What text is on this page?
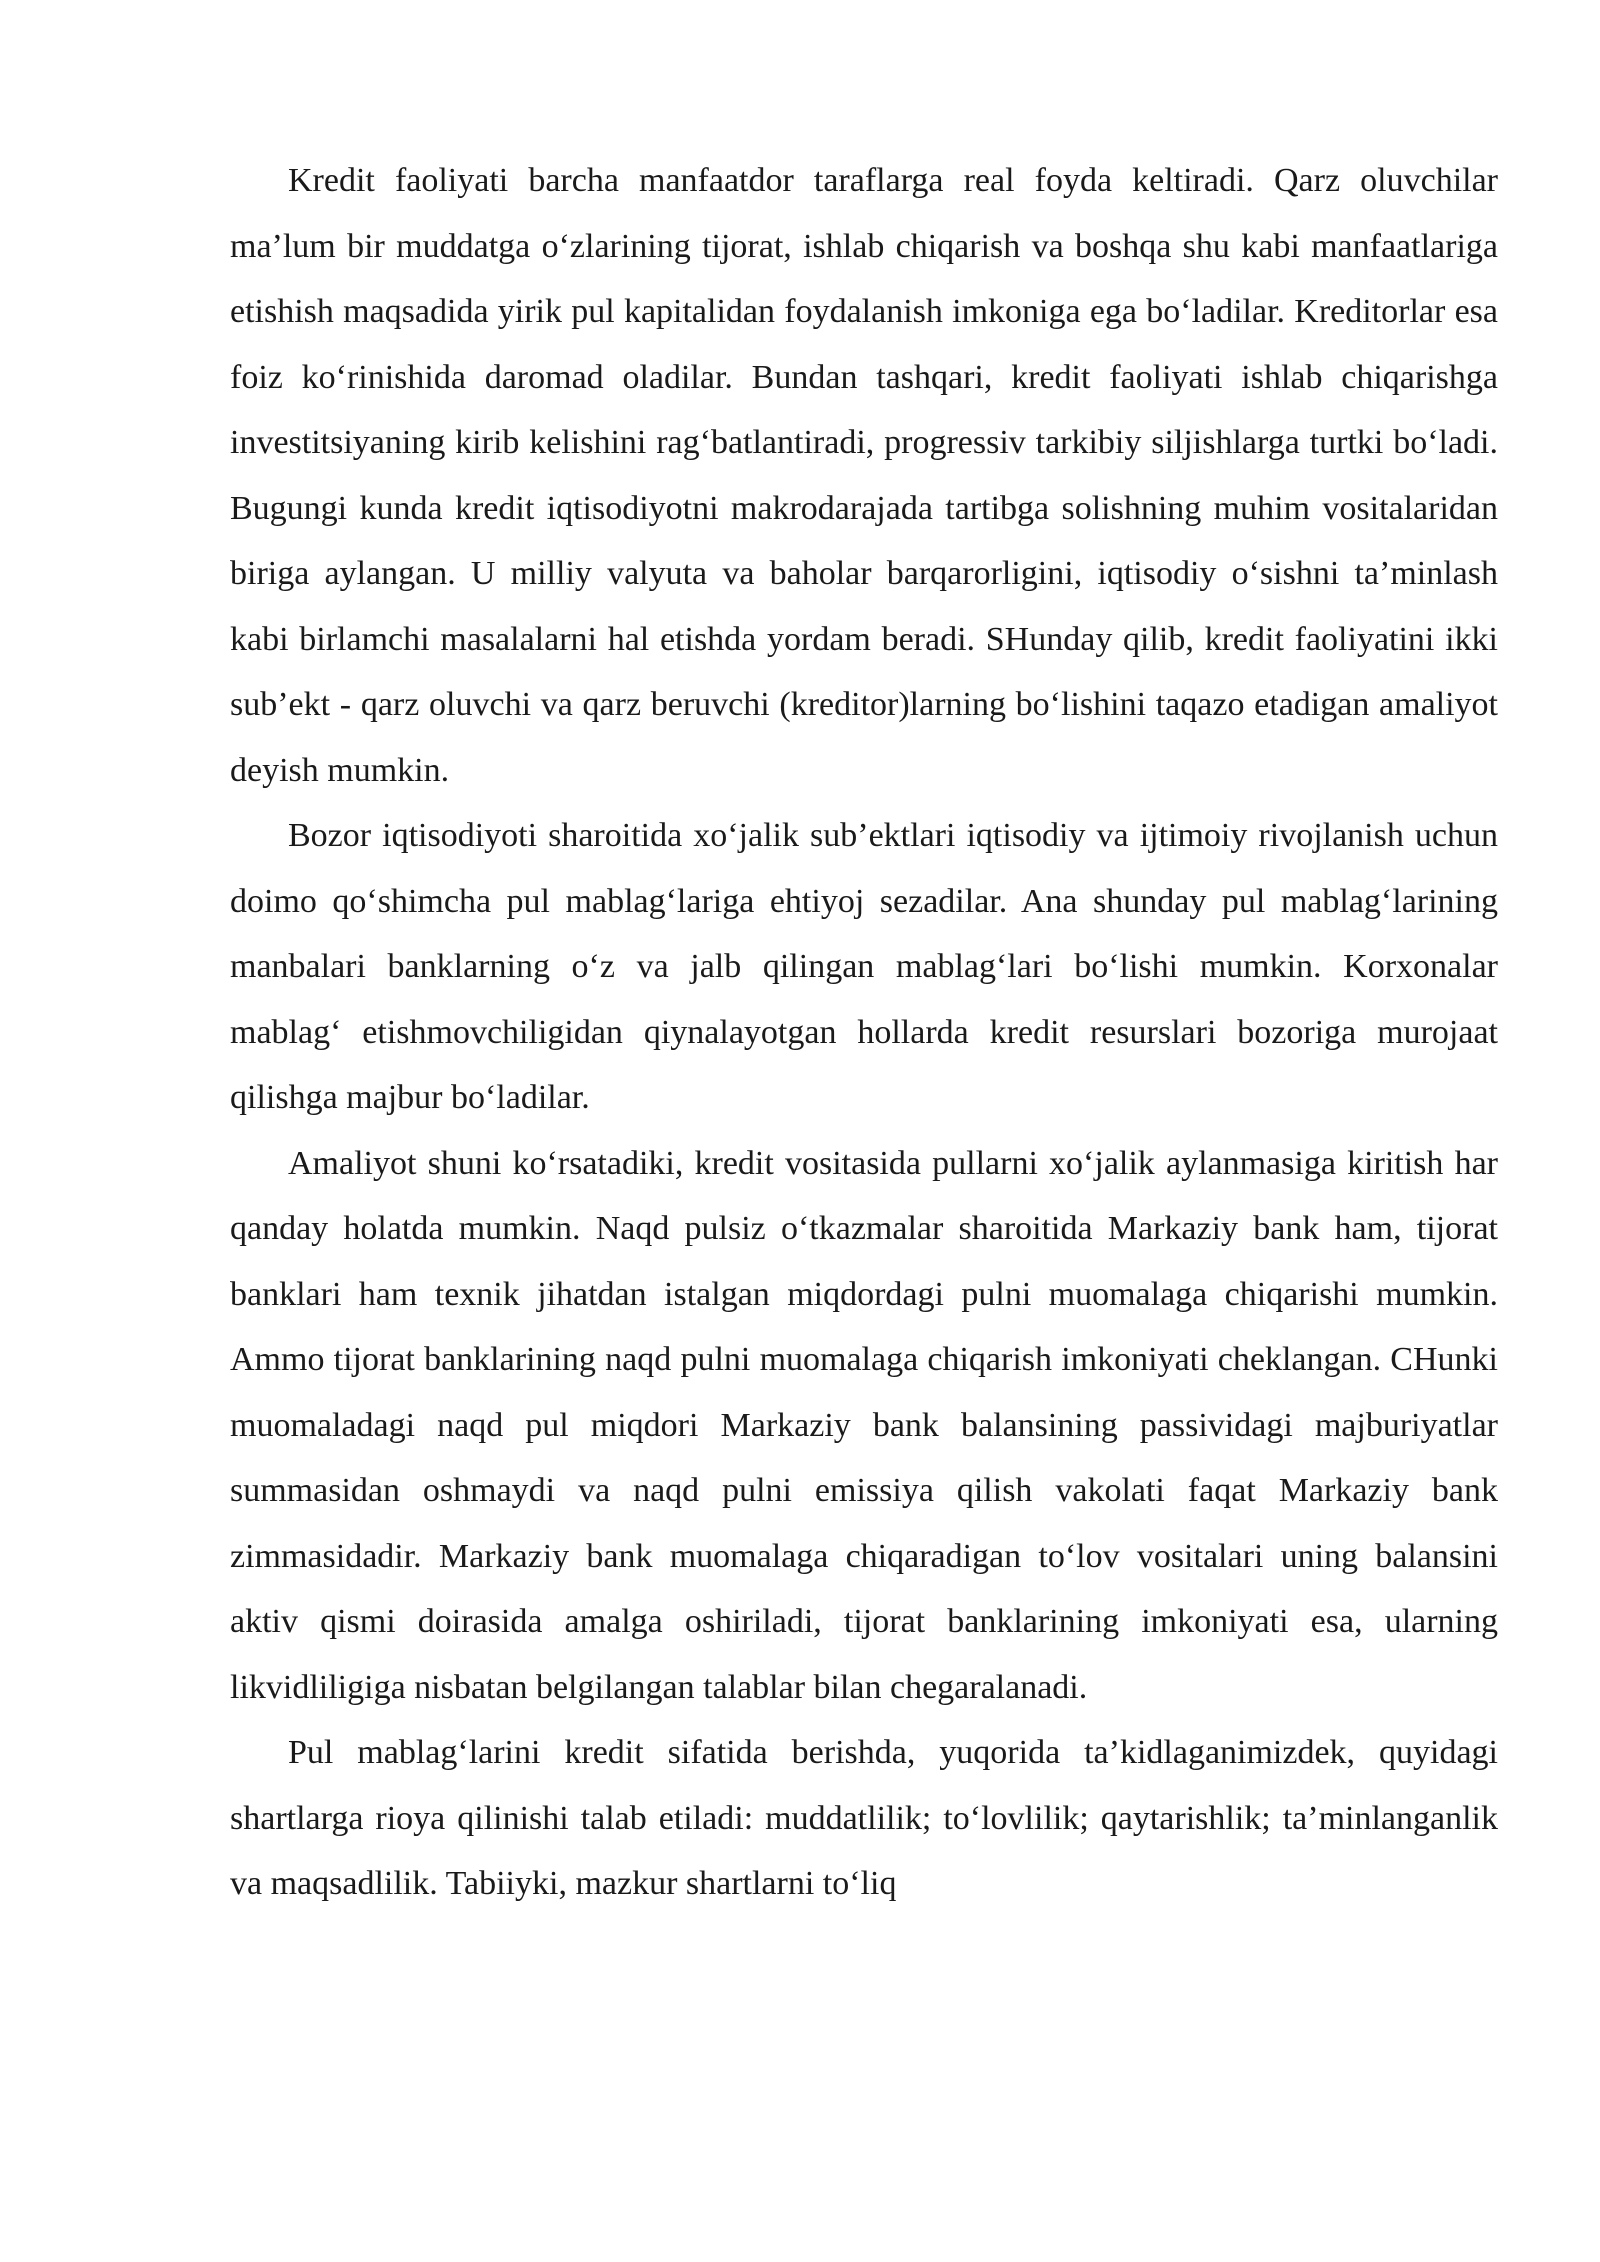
Kredit faoliyati barcha manfaatdor taraflarga real foyda keltiradi. Qarz oluvchilar ma’lum bir muddatga o‘zlarining tijorat, ishlab chiqarish va boshqa shu kabi manfaatlariga etishish maqsadida yirik pul kapitalidan foydalanish imkoniga ega bo‘ladilar. Kreditorlar esa foiz ko‘rinishida daromad oladilar. Bundan tashqari, kredit faoliyati ishlab chiqarishga investitsiyaning kirib kelishini rag‘batlantiradi, progressiv tarkibiy siljishlarga turtki bo‘ladi. Bugungi kunda kredit iqtisodiyotni makrodarajada tartibga solishning muhim vositalaridan biriga aylangan. U milliy valyuta va baholar barqarorligini, iqtisodiy o‘sishni ta’minlash kabi birlamchi masalalarni hal etishda yordam beradi. SHunday qilib, kredit faoliyatini ikki sub’ekt - qarz oluvchi va qarz beruvchi (kreditor)larning bo‘lishini taqazo etadigan amaliyot deyish mumkin.

Bozor iqtisodiyoti sharoitida xo‘jalik sub’ektlari iqtisodiy va ijtimoiy rivojlanish uchun doimo qo‘shimcha pul mablag‘lariga ehtiyoj sezadilar. Ana shunday pul mablag‘larining manbalari banklarning o‘z va jalb qilingan mablag‘lari bo‘lishi mumkin. Korxonalar mablag‘ etishmovchiligidan qiynalayotgan hollarda kredit resurslari bozoriga murojaat qilishga majbur bo‘ladilar.

Amaliyot shuni ko‘rsatadiki, kredit vositasida pullarni xo‘jalik aylanmasiga kiritish har qanday holatda mumkin. Naqd pulsiz o‘tkazmalar sharoitida Markaziy bank ham, tijorat banklari ham texnik jihatdan istalgan miqdordagi pulni muomalaga chiqarishi mumkin. Ammo tijorat banklarining naqd pulni muomalaga chiqarish imkoniyati cheklangan. CHunki muomaladagi naqd pul miqdori Markaziy bank balansining passividagi majburiyatlar summasidan oshmaydi va naqd pulni emissiya qilish vakolati faqat Markaziy bank zimmasidadir. Markaziy bank muomalaga chiqaradigan to‘lov vositalari uning balansini aktiv qismi doirasida amalga oshiriladi, tijorat banklarining imkoniyati esa, ularning likvidliligiga nisbatan belgilangan talablar bilan chegaralanadi.

Pul mablag‘larini kredit sifatida berishda, yuqorida ta’kidlaganimizdek, quyidagi shartlarga rioya qilinishi talab etiladi: muddatlilik; to‘lovlilik; qaytarishlik; ta’minlanganlik va maqsadlilik. Tabiiyki, mazkur shartlarni to‘liq
